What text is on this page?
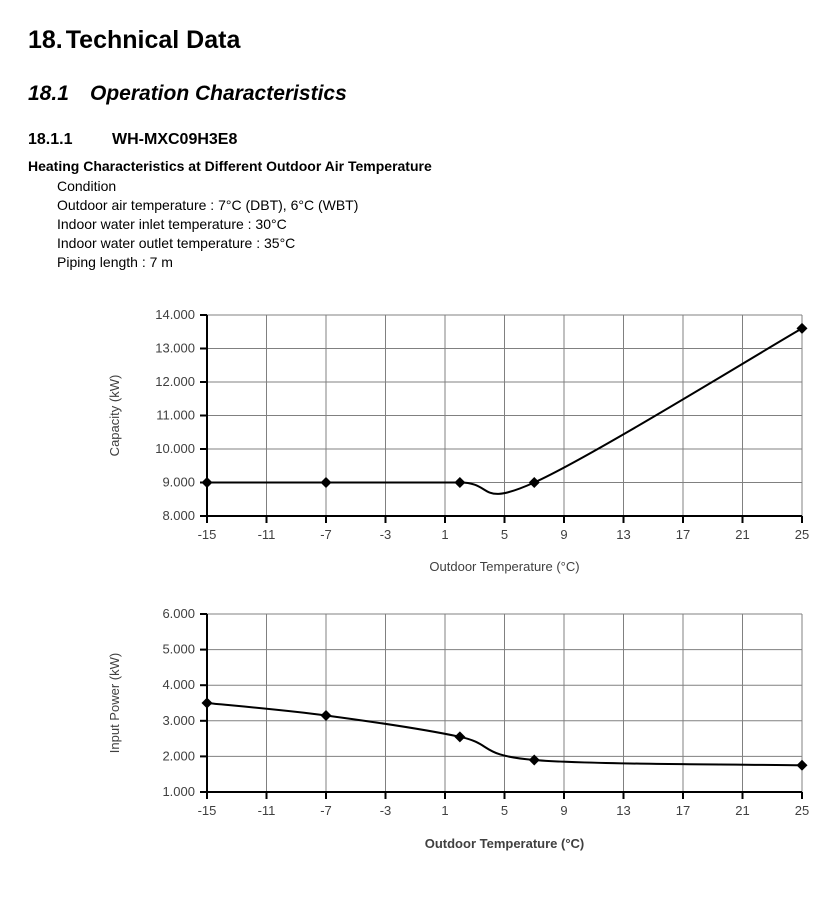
18. Technical Data
18.1 Operation Characteristics
18.1.1 WH-MXC09H3E8
Heating Characteristics at Different Outdoor Air Temperature
Condition
Outdoor air temperature : 7°C (DBT), 6°C (WBT)
Indoor water inlet temperature : 30°C
Indoor water outlet temperature : 35°C
Piping length : 7 m
8.000
9.000
10.000
11.000
12.000
13.000
14.000
-15	-11	-7	-3	1	5	9	13	17	21	25
Outdoor Temperature (°C)
Capacity (kW)
1.000
2.000
3.000
4.000
5.000
6.000
-15	-11	-7	-3	1	5	9	13	17	21	25
Outdoor Temperature (°C)
Input Power (kW)
